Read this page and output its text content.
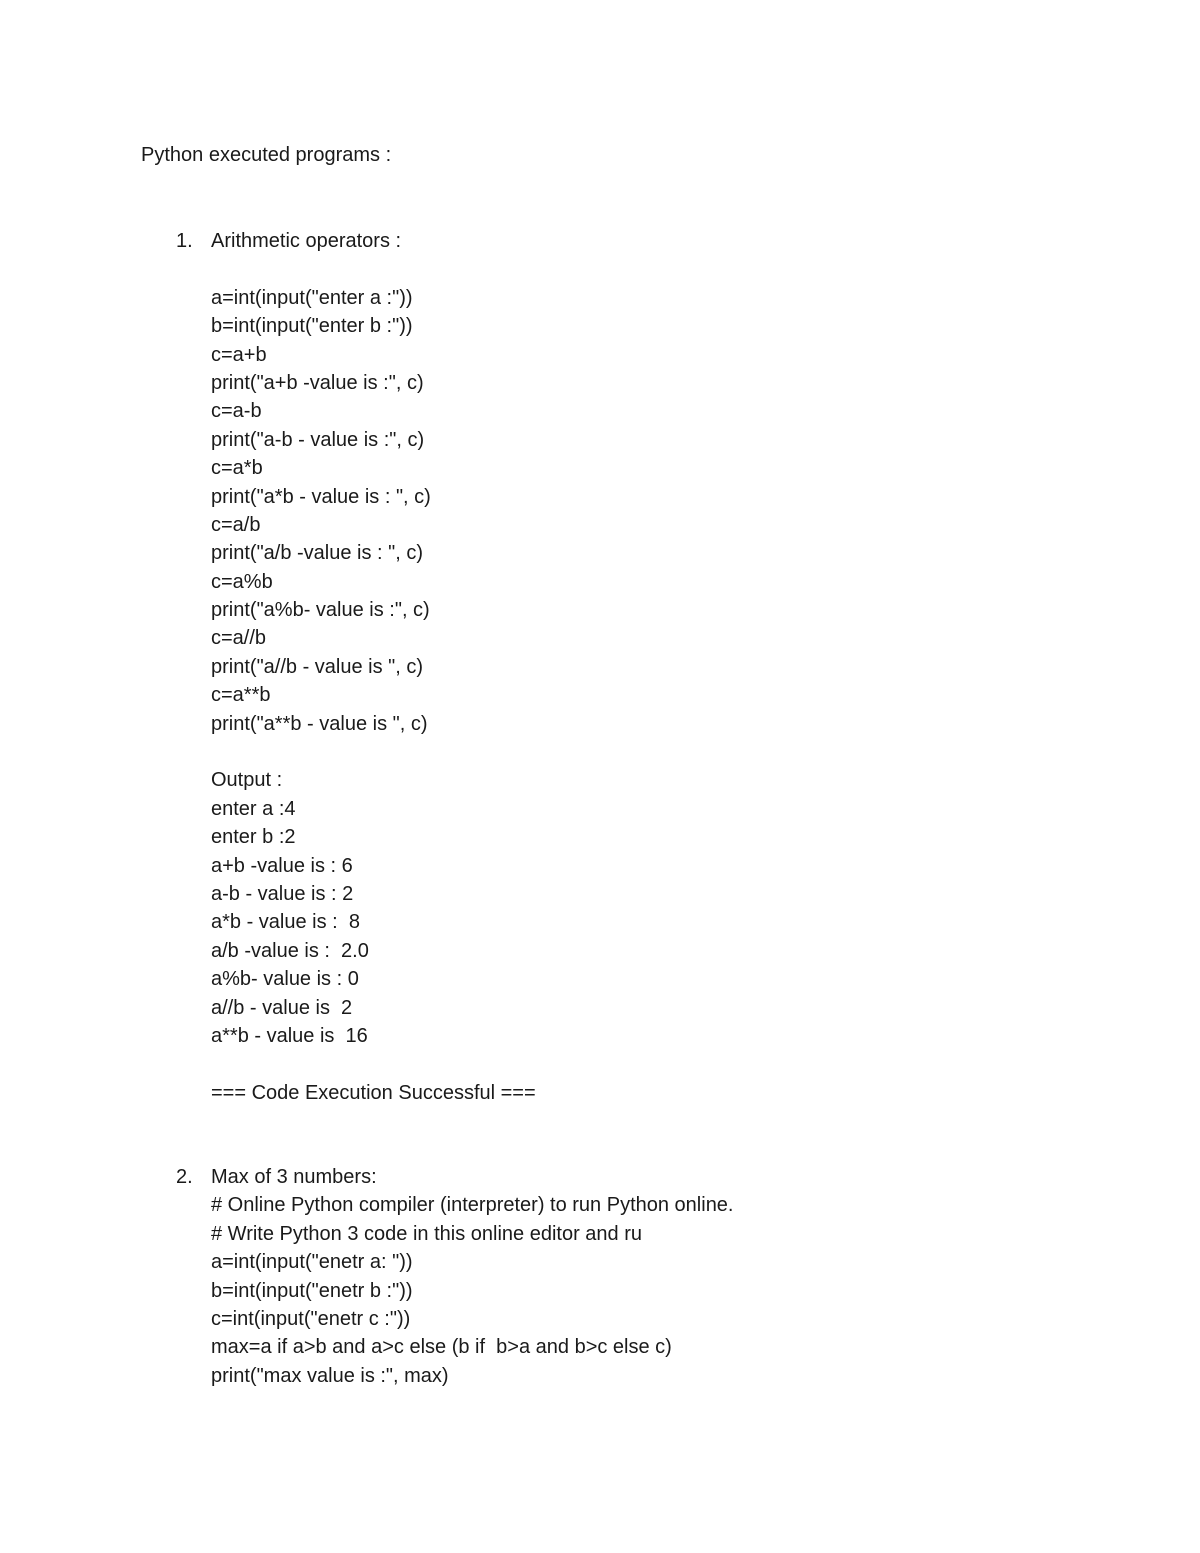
Python executed programs :
1. Arithmetic operators :
a=int(input("enter a :"))
b=int(input("enter b :"))
c=a+b
print("a+b -value is :", c)
c=a-b
print("a-b - value is :", c)
c=a*b
print("a*b - value is : ", c)
c=a/b
print("a/b -value is : ", c)
c=a%b
print("a%b- value is :", c)
c=a//b
print("a//b - value is ", c)
c=a**b
print("a**b - value is ", c)
Output :
enter a :4
enter b :2
a+b -value is : 6
a-b - value is : 2
a*b - value is :  8
a/b -value is :  2.0
a%b- value is : 0
a//b - value is  2
a**b - value is  16
=== Code Execution Successful ===
2. Max of 3 numbers:
# Online Python compiler (interpreter) to run Python online.
# Write Python 3 code in this online editor and ru
a=int(input("enetr a: "))
b=int(input("enetr b :"))
c=int(input("enetr c :"))
max=a if a>b and a>c else (b if  b>a and b>c else c)
print("max value is :", max)
